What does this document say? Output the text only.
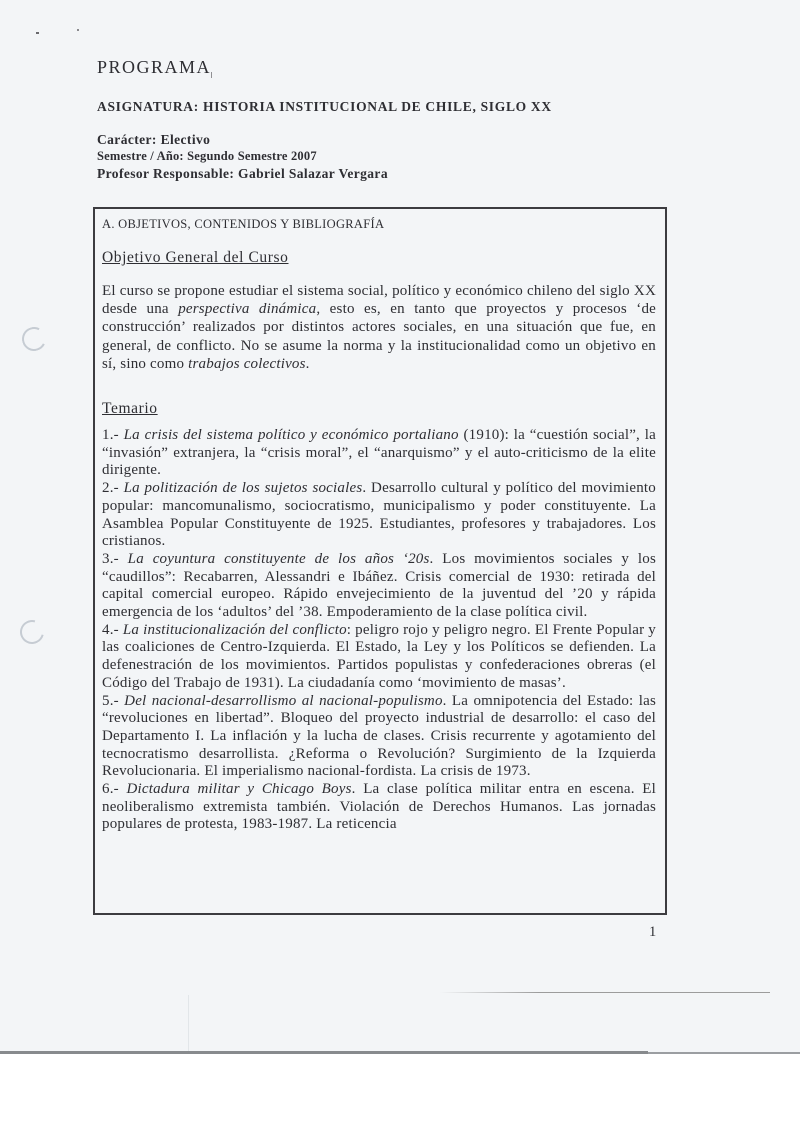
PROGRAMA
ASIGNATURA: HISTORIA INSTITUCIONAL DE CHILE, SIGLO XX
Carácter: Electivo
Semestre / Año: Segundo Semestre 2007
Profesor Responsable: Gabriel Salazar Vergara
A. OBJETIVOS, CONTENIDOS Y BIBLIOGRAFÍA
Objetivo General del Curso

El curso se propone estudiar el sistema social, político y económico chileno del siglo XX desde una perspectiva dinámica, esto es, en tanto que proyectos y procesos ‘de construcción’ realizados por distintos actores sociales, en una situación que fue, en general, de conflicto. No se asume la norma y la institucionalidad como un objetivo en sí, sino como trabajos colectivos.

Temario

1.- La crisis del sistema político y económico portaliano (1910): la “cuestión social”, la “invasión” extranjera, la “crisis moral”, el “anarquismo” y el auto-criticismo de la elite dirigente.

2.- La politización de los sujetos sociales. Desarrollo cultural y político del movimiento popular: mancomunalismo, sociocratismo, municipalismo y poder constituyente. La Asamblea Popular Constituyente de 1925. Estudiantes, profesores y trabajadores. Los cristianos.

3.- La coyuntura constituyente de los años ‘20s. Los movimientos sociales y los “caudillos”: Recabarren, Alessandri e Ibáñez. Crisis comercial de 1930: retirada del capital comercial europeo. Rápido envejecimiento de la juventud del ’20 y rápida emergencia de los ‘adultos’ del ’38. Empoderamiento de la clase política civil.

4.- La institucionalización del conflicto: peligro rojo y peligro negro. El Frente Popular y las coaliciones de Centro-Izquierda. El Estado, la Ley y los Políticos se defienden. La defenestración de los movimientos. Partidos populistas y confederaciones obreras (el Código del Trabajo de 1931). La ciudadanía como ‘movimiento de masas’.

5.- Del nacional-desarrollismo al nacional-populismo. La omnipotencia del Estado: las “revoluciones en libertad”. Bloqueo del proyecto industrial de desarrollo: el caso del Departamento I. La inflación y la lucha de clases. Crisis recurrente y agotamiento del tecnocratismo desarrollista. ¿Reforma o Revolución? Surgimiento de la Izquierda Revolucionaria. El imperialismo nacional-fordista. La crisis de 1973.

6.- Dictadura militar y Chicago Boys. La clase política militar entra en escena. El neoliberalismo extremista también. Violación de Derechos Humanos. Las jornadas populares de protesta, 1983-1987. La reticencia

1
